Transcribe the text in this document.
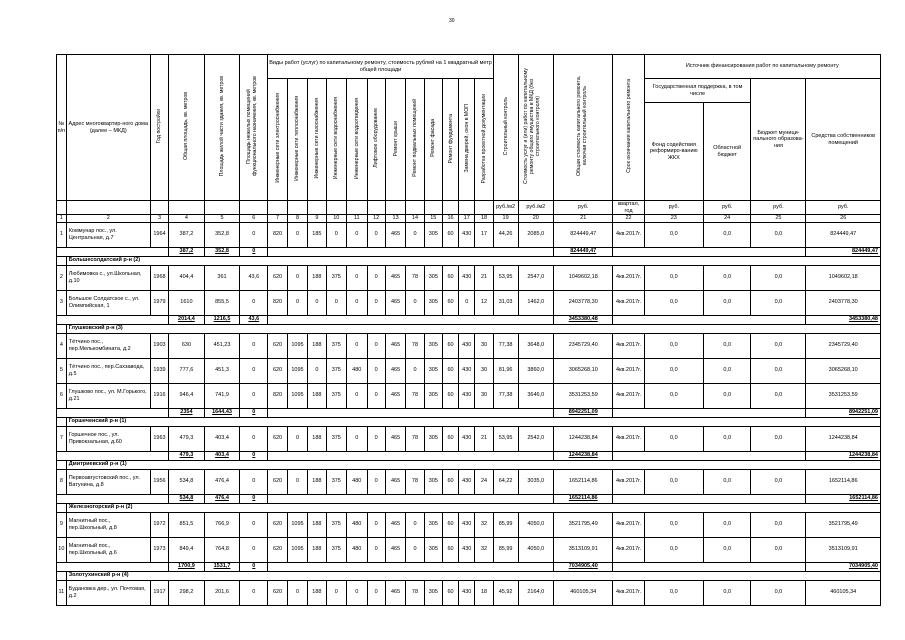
30
№ п/п	Адрес многоквартир-ного дома (далее – МКД)	Год постройки	Общая площадь, кв. метров	Площадь жилой части здания, кв. метров	Площадь нежилых помещений функционального назначения, кв. метров	Виды работ (услуг) по капитальному ремонту, стоимость рублей на 1 квадратный метр общей площади												Строительный контроль	Стоимость услуг и (или) работ по капитальному ремонту общего имущества в МКД (без строительного контроля)	Общая стоимость капитального ремонта, включая строительный контроль	Срок окончания капитального ремонта	Источник финансирования работ по капитальному ремонту			
						Инженерные сети электроснабжения	Инженерные сети теплоснабжения	Инженерные сети газоснабжения	Инженерные сети водоснабжения	Инженерные сети водоотведения	Лифтовое оборудование	Ремонт крыши	Ремонт подвальных помещений	Ремонт фасада	Ремонт фундамента	Замена дверей, окон в МОП	Разработка проектной документации					Государственная поддержка, в том числе		Бюджет муници-пального образова-ния	Средства собственников помещений
																						Фонд содействия реформиро-ванию ЖКХ	Областной бюджет		
																		руб./м2	руб./м2	руб.	квартал, год	руб.	руб.	руб.	руб.
1	2	3	4	5	6	7	8	9	10	11	12	13	14	15	16	17	18	19	20	21	22	23	24	25	26
1	Коммунар пос., ул. Центральная, д.7	1964	387,2	352,8	0	820	0	185	0	0	0	465	0	305	60	430	17	44,26	2085,0	824449,47	4кв.2017г.	0,0	0,0	0,0	824449,47
			387,2	352,8	0															824449,47					824449,47
	Большесолдатский р-н (2)																								
2	Любимовка с., ул.Школьная, д.10	1968	404,4	361	43,6	620	0	188	375	0	0	465	78	305	60	430	21	53,95	2547,0	1049602,18	4кв.2017г.	0,0	0,0	0,0	1049602,18
3	Большое Солдатское с., ул. Олимпийская, 1	1979	1610	855,5	0	820	0	0	0	0	0	465	0	305	60	0	12	31,03	1462,0	2403778,30	4кв.2017г.	0,0	0,0	0,0	2403778,30
			2014,4	1216,5	43,6															3453380,48					3453380,48
	Глушковский р-н (3)																								
4	Тётчино пос., пер.Мелькомбината, д.2	1903	630	451,23	0	620	1095	188	375	0	0	465	78	305	60	430	30	77,38	3648,0	2345729,40	4кв.2017г.	0,0	0,0	0,0	2345729,40
5	Тётчино пос., пер.Сахзавода, д.5	1939	777,6	451,3	0	620	1095	0	375	480	0	465	0	305	60	430	30	81,96	3860,0	3065268,10	4кв.2017г.	0,0	0,0	0,0	3065268,10
6	Глушково пос., ул. М.Горького, д.21	1916	946,4	741,9	0	820	1095	188	375	0	0	465	78	305	60	430	30	77,38	3646,0	3531253,59	4кв.2017г.	0,0	0,0	0,0	3531253,59
			2354	1644,43	0															8942251,09					8942251,09
	Горшеченский р-н (1)																								
7	Горшечное пос., ул. Привокзальная, д.60	1963	479,3	403,4	0	620	0	188	375	0	0	465	78	305	60	430	21	53,95	2542,0	1244238,84	4кв.2017г.	0,0	0,0	0,0	1244238,84
			479,3	403,4	0															1244238,84					1244238,84
	Дмитриевский р-н (1)																								
8	Первоавгустовский пос., ул. Ватунина, д.8	1956	534,8	476,4	0	620	0	188	375	480	0	465	78	305	60	430	24	64,22	3035,0	1652114,86	4кв.2017г.	0,0	0,0	0,0	1652114,86
			534,8	476,4	0															1652114,86					1652114,86
	Железногорский р-н (2)																								
9	Магнитный пос., пер.Школьный, д.8	1972	851,5	766,9	0	620	1095	188	375	480	0	465	0	305	60	430	32	85,99	4050,0	3521795,49	4кв.2017г.	0,0	0,0	0,0	3521795,49
10	Магнитный пос., пер.Школьный, д.6	1973	849,4	764,8	0	620	1095	188	375	480	0	465	0	305	60	430	32	85,99	4050,0	3513109,91	4кв.2017г.	0,0	0,0	0,0	3513109,91
			1700,9	1531,7	0															7034905,40					7034905,40
	Золотухинский р-н (4)																								
11	Будановка дер., ул. Почтовая, д.2	1917	298,2	201,6	0	620	0	188	0	0	0	465	78	305	60	430	18	45,92	2164,0	460105,34	4кв.2017г.	0,0	0,0	0,0	460105,34
